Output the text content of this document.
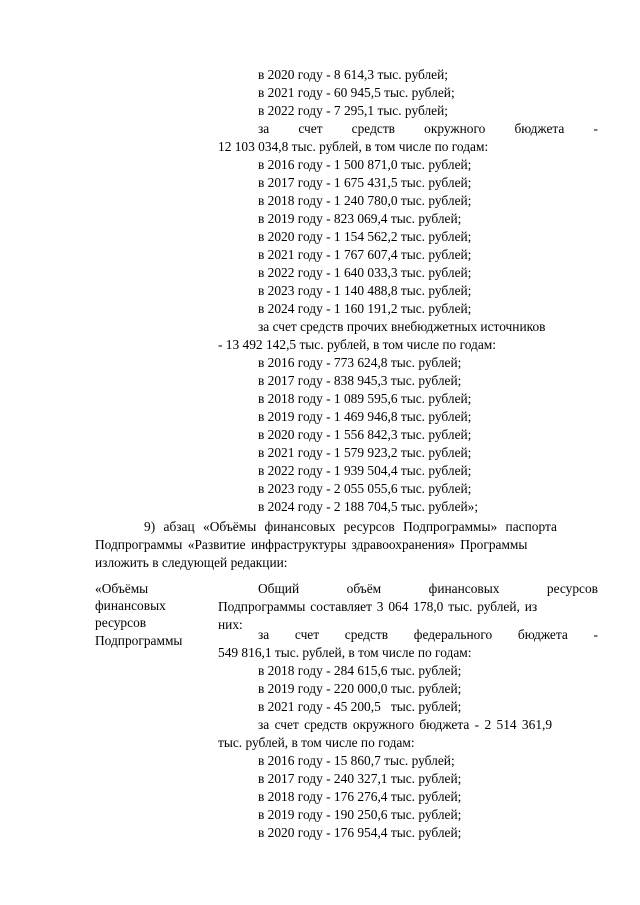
в 2020 году - 8 614,3 тыс. рублей;
в 2021 году - 60 945,5 тыс. рублей;
в 2022 году - 7 295,1 тыс. рублей;
за счет средств окружного бюджета -
12 103 034,8 тыс. рублей, в том числе по годам:
в 2016 году - 1 500 871,0 тыс. рублей;
в 2017 году - 1 675 431,5 тыс. рублей;
в 2018 году - 1 240 780,0 тыс. рублей;
в 2019 году - 823 069,4 тыс. рублей;
в 2020 году - 1 154 562,2 тыс. рублей;
в 2021 году - 1 767 607,4 тыс. рублей;
в 2022 году - 1 640 033,3 тыс. рублей;
в 2023 году - 1 140 488,8 тыс. рублей;
в 2024 году - 1 160 191,2 тыс. рублей;
за счет средств прочих внебюджетных источников
- 13 492 142,5 тыс. рублей, в том числе по годам:
в 2016 году - 773 624,8 тыс. рублей;
в 2017 году - 838 945,3 тыс. рублей;
в 2018 году - 1 089 595,6 тыс. рублей;
в 2019 году - 1 469 946,8 тыс. рублей;
в 2020 году - 1 556 842,3 тыс. рублей;
в 2021 году - 1 579 923,2 тыс. рублей;
в 2022 году - 1 939 504,4 тыс. рублей;
в 2023 году - 2 055 055,6 тыс. рублей;
в 2024 году - 2 188 704,5 тыс. рублей»;
9) абзац «Объёмы финансовых ресурсов Подпрограммы» паспорта
Подпрограммы «Развитие инфраструктуры здравоохранения» Программы
изложить в следующей редакции:
«Объёмы
финансовых
ресурсов
Подпрограммы
Общий	объём	финансовых	ресурсов
Подпрограммы составляет 3 064 178,0 тыс. рублей, из
них:
за счет средств федерального бюджета -
549 816,1 тыс. рублей, в том числе по годам:
в 2018 году - 284 615,6 тыс. рублей;
в 2019 году - 220 000,0 тыс. рублей;
в 2021 году - 45 200,5   тыс. рублей;
за счет средств окружного бюджета - 2 514 361,9
тыс. рублей, в том числе по годам:
в 2016 году - 15 860,7 тыс. рублей;
в 2017 году - 240 327,1 тыс. рублей;
в 2018 году - 176 276,4 тыс. рублей;
в 2019 году - 190 250,6 тыс. рублей;
в 2020 году - 176 954,4 тыс. рублей;
